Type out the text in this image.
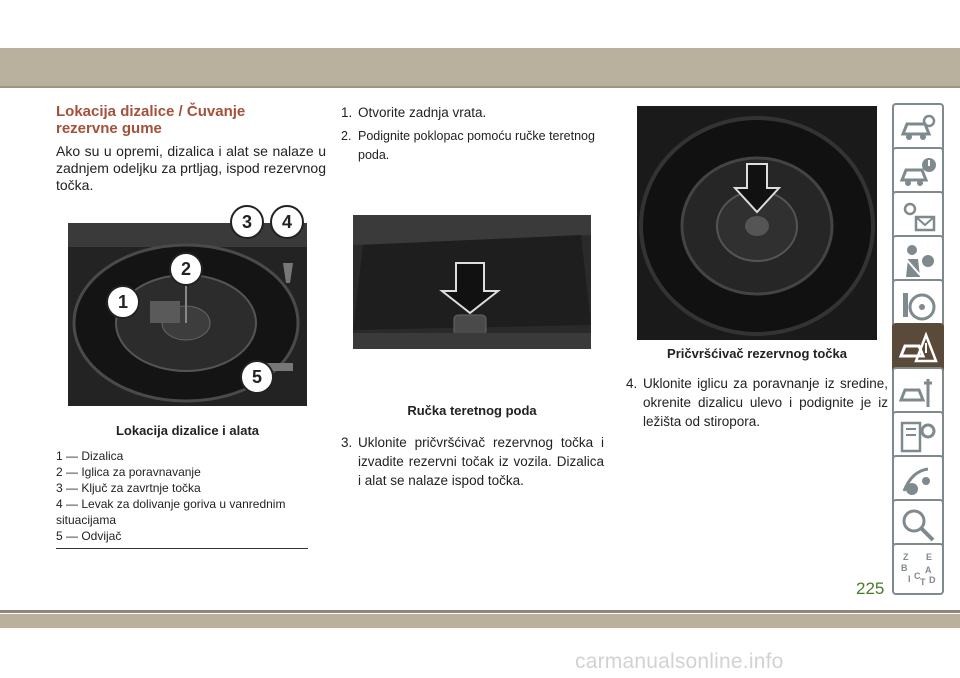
Lokacija dizalice / Čuvanje rezervne gume
Ako su u opremi, dizalica i alat se nalaze u zadnjem odeljku za prtljag, ispod rezervnog točka.
1
2
5
3	4
Lokacija dizalice i alata
1 — Dizalica
2 — Iglica za poravnavanje
3 — Ključ za zavrtnje točka
4 — Levak za dolivanje goriva u vanrednim situacijama
5 — Odvijač
1. Otvorite zadnja vrata.
2. Podignite poklopac pomoću ručke teretnog poda.
Ručka teretnog poda
3. Uklonite pričvršćivač rezervnog točka i izvadite rezervni točak iz vozila. Dizalica i alat se nalaze ispod točka.
Pričvršćivač rezervnog točka
4. Uklonite iglicu za poravnanje iz sredine, okrenite dizalicu ulevo i podignite je iz ležišta od stiropora.
Z E
B A
I C
T D
225
carmanualsonline.info
